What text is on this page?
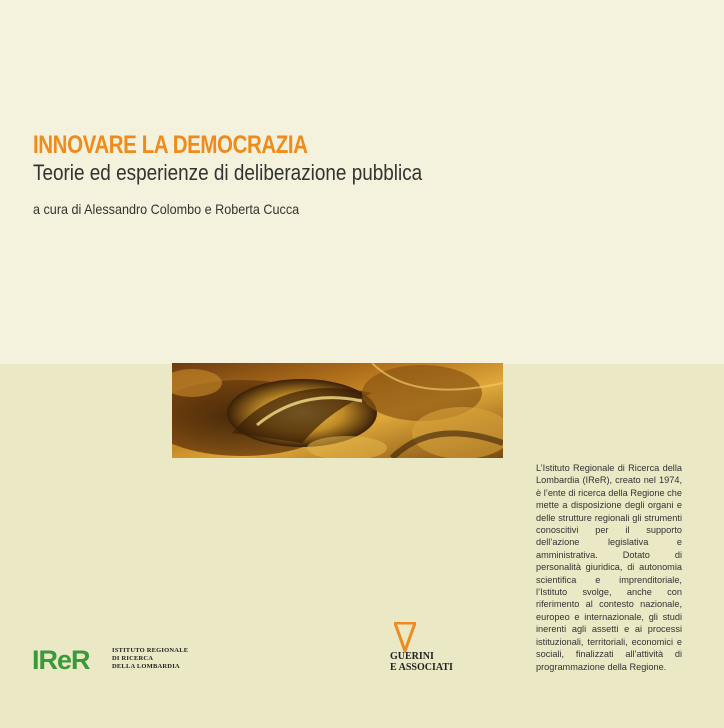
INNOVARE LA DEMOCRAZIA
Teorie ed esperienze di deliberazione pubblica
a cura di Alessandro Colombo e Roberta Cucca
L’Istituto Regionale di Ricerca della Lombardia (IReR), creato nel 1974, è l’ente di ricerca della Regione che mette a disposizione degli organi e delle strutture regionali gli strumenti conoscitivi per il supporto dell’azione legislativa e amministrativa. Dotato di personalità giuridica, di autonomia scientifica e imprenditoriale, l’Istituto svolge, anche con riferimento al contesto nazionale, europeo e internazionale, gli studi inerenti agli assetti e ai processi istituzionali, territoriali, economici e sociali, finalizzati all’attività di programmazione della Regione.
IReR	ISTITUTO REGIONALE
DI RICERCA
DELLA LOMBARDIA
GUERINI
E ASSOCIATI
